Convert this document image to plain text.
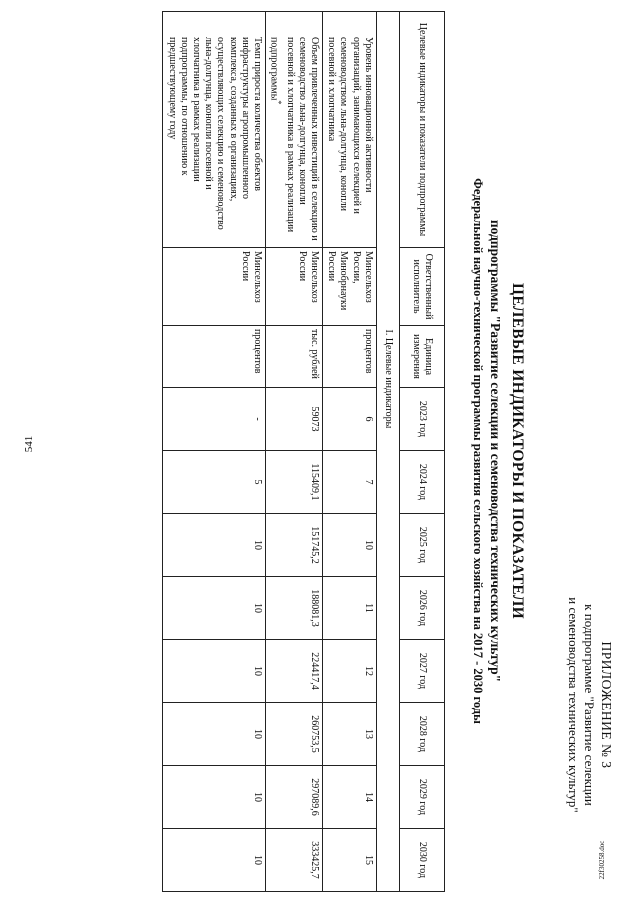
541
22f30258.doc
ПРИЛОЖЕНИЕ № 3
к подпрограмме "Развитие селекции
и семеноводства технических культур"
ЦЕЛЕВЫЕ ИНДИКАТОРЫ И ПОКАЗАТЕЛИ
подпрограммы "Развитие селекции и семеноводства технических культур"
Федеральной научно-технической программы развития сельского хозяйства на 2017 - 2030 годы
Целевые индикаторы и показатели подпрограммы	Ответственный исполнитель	Единица измерения	2023 год	2024 год	2025 год	2026 год	2027 год	2028 год	2029 год	2030 год
		I. Целевые индикаторы								

Уровень инновационной активности организаций, занимающихся селекцией и семеноводством льна-долгунца, конопли посевной и хлопчатника	Минсельхоз России, Минобрнауки России	процентов	6	7	10	11	12	13	14	15

Объем привлеченных инвестиций в селекцию и семеноводство льна-долгунца, конопли посевной и хлопчатника в рамках реализации подпрограммы*	Минсельхоз России	тыс. рублей	59073	115409,1	151745,2	188081,3	224417,4	260753,5	297089,6	333425,7

Темп прироста количества объектов инфраструктуры агропромышленного комплекса, созданных в организациях, осуществляющих селекцию и семеноводство льна-долгунца, конопли посевной и хлопчатника в рамках реализации подпрограммы, по отношению к предшествующему году	Минсельхоз России	процентов	-	5	10	10	10	10	10	10
